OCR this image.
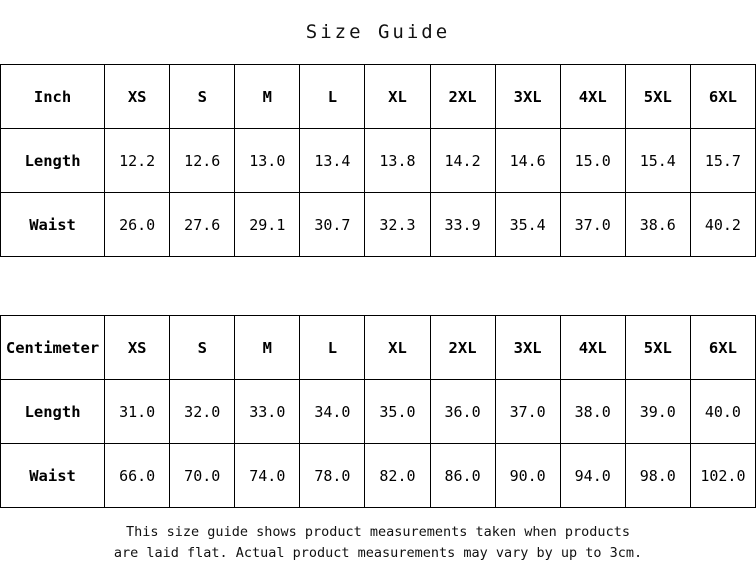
Size Guide
Inch	XS	S	M	L	XL	2XL	3XL	4XL	5XL	6XL
Length	12.2	12.6	13.0	13.4	13.8	14.2	14.6	15.0	15.4	15.7
Waist	26.0	27.6	29.1	30.7	32.3	33.9	35.4	37.0	38.6	40.2
Centimeter	XS	S	M	L	XL	2XL	3XL	4XL	5XL	6XL
Length	31.0	32.0	33.0	34.0	35.0	36.0	37.0	38.0	39.0	40.0
Waist	66.0	70.0	74.0	78.0	82.0	86.0	90.0	94.0	98.0	102.0
This size guide shows product measurements taken when products
are laid flat. Actual product measurements may vary by up to 3cm.
